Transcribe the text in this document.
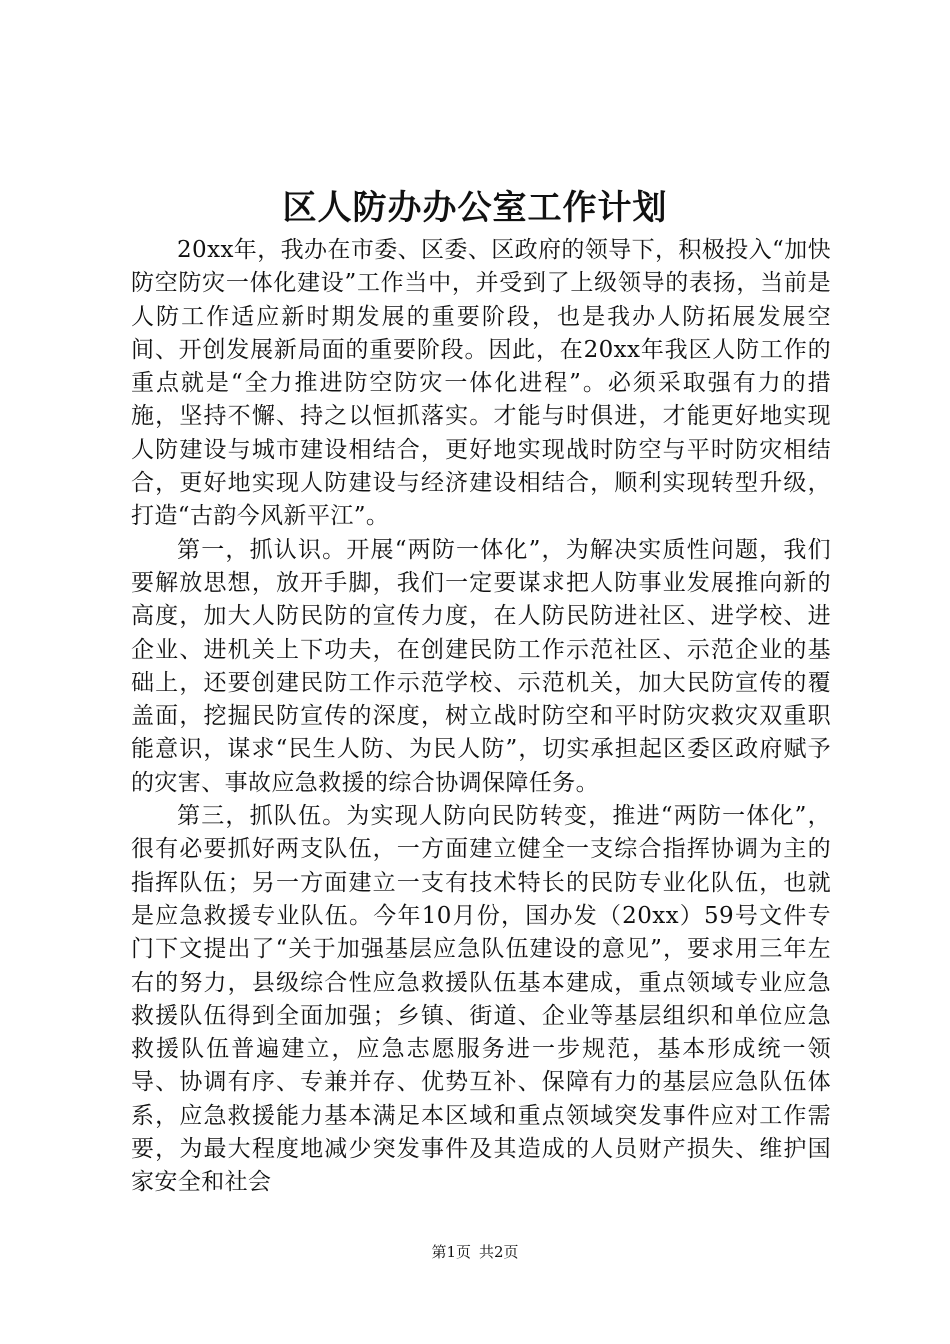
区人防办办公室工作计划

20xx年，我办在市委、区委、区政府的领导下，积极投入“加快防空防灾一体化建设”工作当中，并受到了上级领导的表扬，当前是人防工作适应新时期发展的重要阶段，也是我办人防拓展发展空间、开创发展新局面的重要阶段。因此，在20xx年我区人防工作的重点就是“全力推进防空防灾一体化进程”。必须采取强有力的措施，坚持不懈、持之以恒抓落实。才能与时俱进，才能更好地实现人防建设与城市建设相结合，更好地实现战时防空与平时防灾相结合，更好地实现人防建设与经济建设相结合，顺利实现转型升级，打造“古韵今风新平江”。

第一，抓认识。开展“两防一体化”，为解决实质性问题，我们要解放思想，放开手脚，我们一定要谋求把人防事业发展推向新的高度，加大人防民防的宣传力度，在人防民防进社区、进学校、进企业、进机关上下功夫，在创建民防工作示范社区、示范企业的基础上，还要创建民防工作示范学校、示范机关，加大民防宣传的覆盖面，挖掘民防宣传的深度，树立战时防空和平时防灾救灾双重职能意识，谋求“民生人防、为民人防”，切实承担起区委区政府赋予的灾害、事故应急救援的综合协调保障任务。

第三，抓队伍。为实现人防向民防转变，推进“两防一体化”，很有必要抓好两支队伍，一方面建立健全一支综合指挥协调为主的指挥队伍；另一方面建立一支有技术特长的民防专业化队伍，也就是应急救援专业队伍。今年10月份，国办发（20xx）59号文件专门下文提出了“关于加强基层应急队伍建设的意见”，要求用三年左右的努力，县级综合性应急救援队伍基本建成，重点领域专业应急救援队伍得到全面加强；乡镇、街道、企业等基层组织和单位应急救援队伍普遍建立，应急志愿服务进一步规范，基本形成统一领导、协调有序、专兼并存、优势互补、保障有力的基层应急队伍体系，应急救援能力基本满足本区域和重点领域突发事件应对工作需要，为最大程度地减少突发事件及其造成的人员财产损失、维护国家安全和社会

第1页 共2页
